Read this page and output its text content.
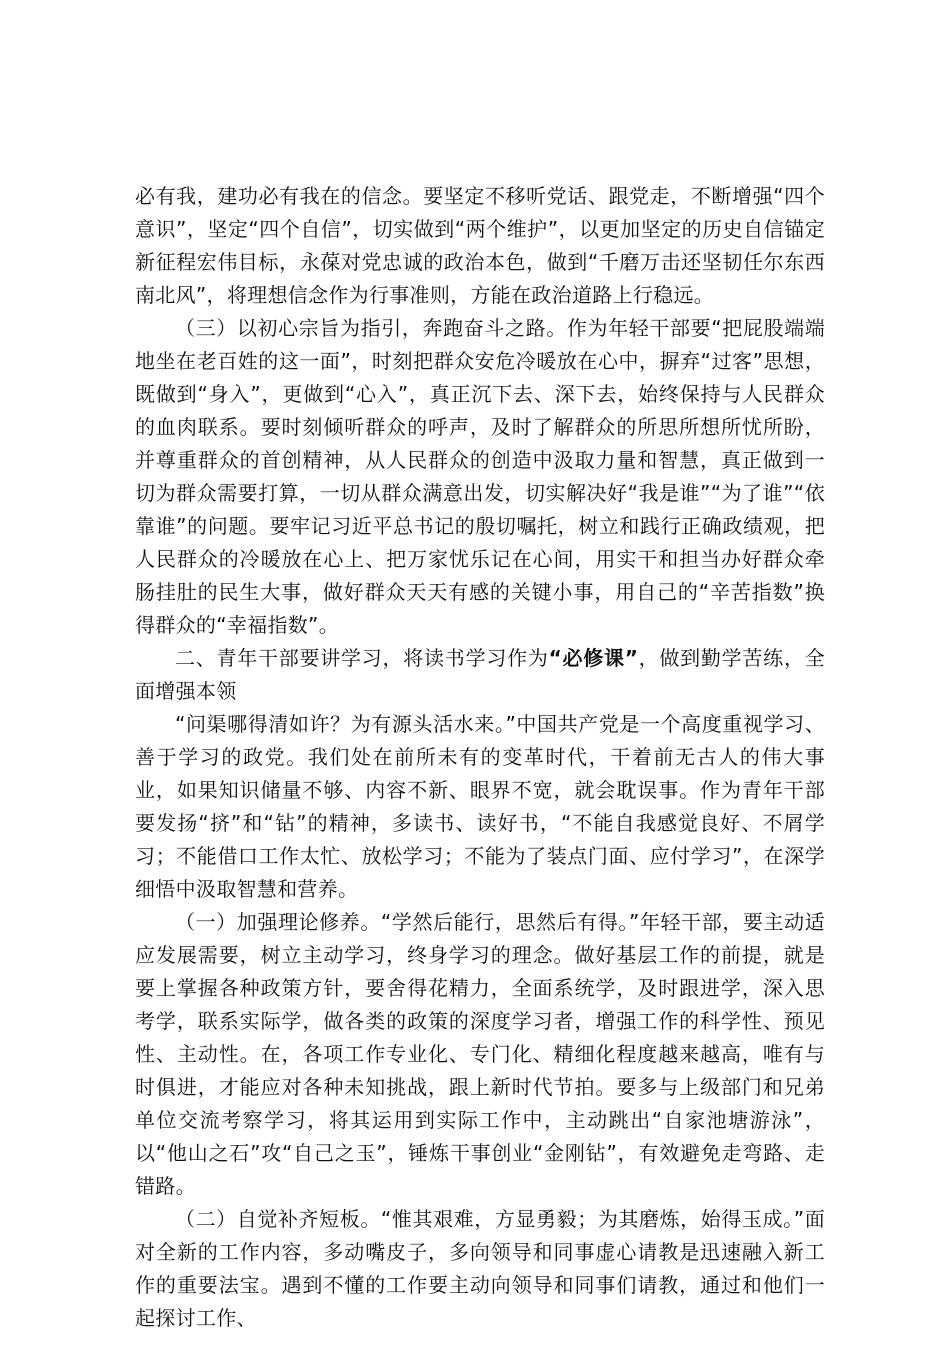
必有我，建功必有我在的信念。要坚定不移听党话、跟党走，不断增强“四个意识”，坚定“四个自信”，切实做到“两个维护”，以更加坚定的历史自信锚定新征程宏伟目标，永葆对党忠诚的政治本色，做到“千磨万击还坚韧任尔东西南北风”，将理想信念作为行事准则，方能在政治道路上行稳远。

（三）以初心宗旨为指引，奔跑奋斗之路。作为年轻干部要“把屁股端端地坐在老百姓的这一面”，时刻把群众安危冷暖放在心中，摒弃“过客”思想，既做到“身入”，更做到“心入”，真正沉下去、深下去，始终保持与人民群众的血肉联系。要时刻倾听群众的呼声，及时了解群众的所思所想所忧所盼，并尊重群众的首创精神，从人民群众的创造中汲取力量和智慧，真正做到一切为群众需要打算，一切从群众满意出发，切实解决好“我是谁”“为了谁”“依靠谁”的问题。要牢记习近平总书记的殷切嘱托，树立和践行正确政绩观，把人民群众的冷暖放在心上、把万家忧乐记在心间，用实干和担当办好群众牵肠挂肚的民生大事，做好群众天天有感的关键小事，用自己的“辛苦指数”换得群众的“幸福指数”。

二、青年干部要讲学习，将读书学习作为“必修课”，做到勤学苦练，全面增强本领

“问渠哪得清如许？为有源头活水来。”中国共产党是一个高度重视学习、善于学习的政党。我们处在前所未有的变革时代，干着前无古人的伟大事业，如果知识储量不够、内容不新、眼界不宽，就会耽误事。作为青年干部要发扬“挤”和“钻”的精神，多读书、读好书，“不能自我感觉良好、不屑学习；不能借口工作太忙、放松学习；不能为了装点门面、应付学习”，在深学细悟中汲取智慧和营养。

（一）加强理论修养。“学然后能行，思然后有得。”年轻干部，要主动适应发展需要，树立主动学习，终身学习的理念。做好基层工作的前提，就是要上掌握各种政策方针，要舍得花精力，全面系统学，及时跟进学，深入思考学，联系实际学，做各类的政策的深度学习者，增强工作的科学性、预见性、主动性。在，各项工作专业化、专门化、精细化程度越来越高，唯有与时俱进，才能应对各种未知挑战，跟上新时代节拍。要多与上级部门和兄弟单位交流考察学习，将其运用到实际工作中，主动跳出“自家池塘游泳”，以“他山之石”攻“自己之玉”，锤炼干事创业“金刚钻”，有效避免走弯路、走错路。

（二）自觉补齐短板。“惟其艰难，方显勇毅；为其磨炼，始得玉成。”面对全新的工作内容，多动嘴皮子，多向领导和同事虚心请教是迅速融入新工作的重要法宝。遇到不懂的工作要主动向领导和同事们请教，通过和他们一起探讨工作、
